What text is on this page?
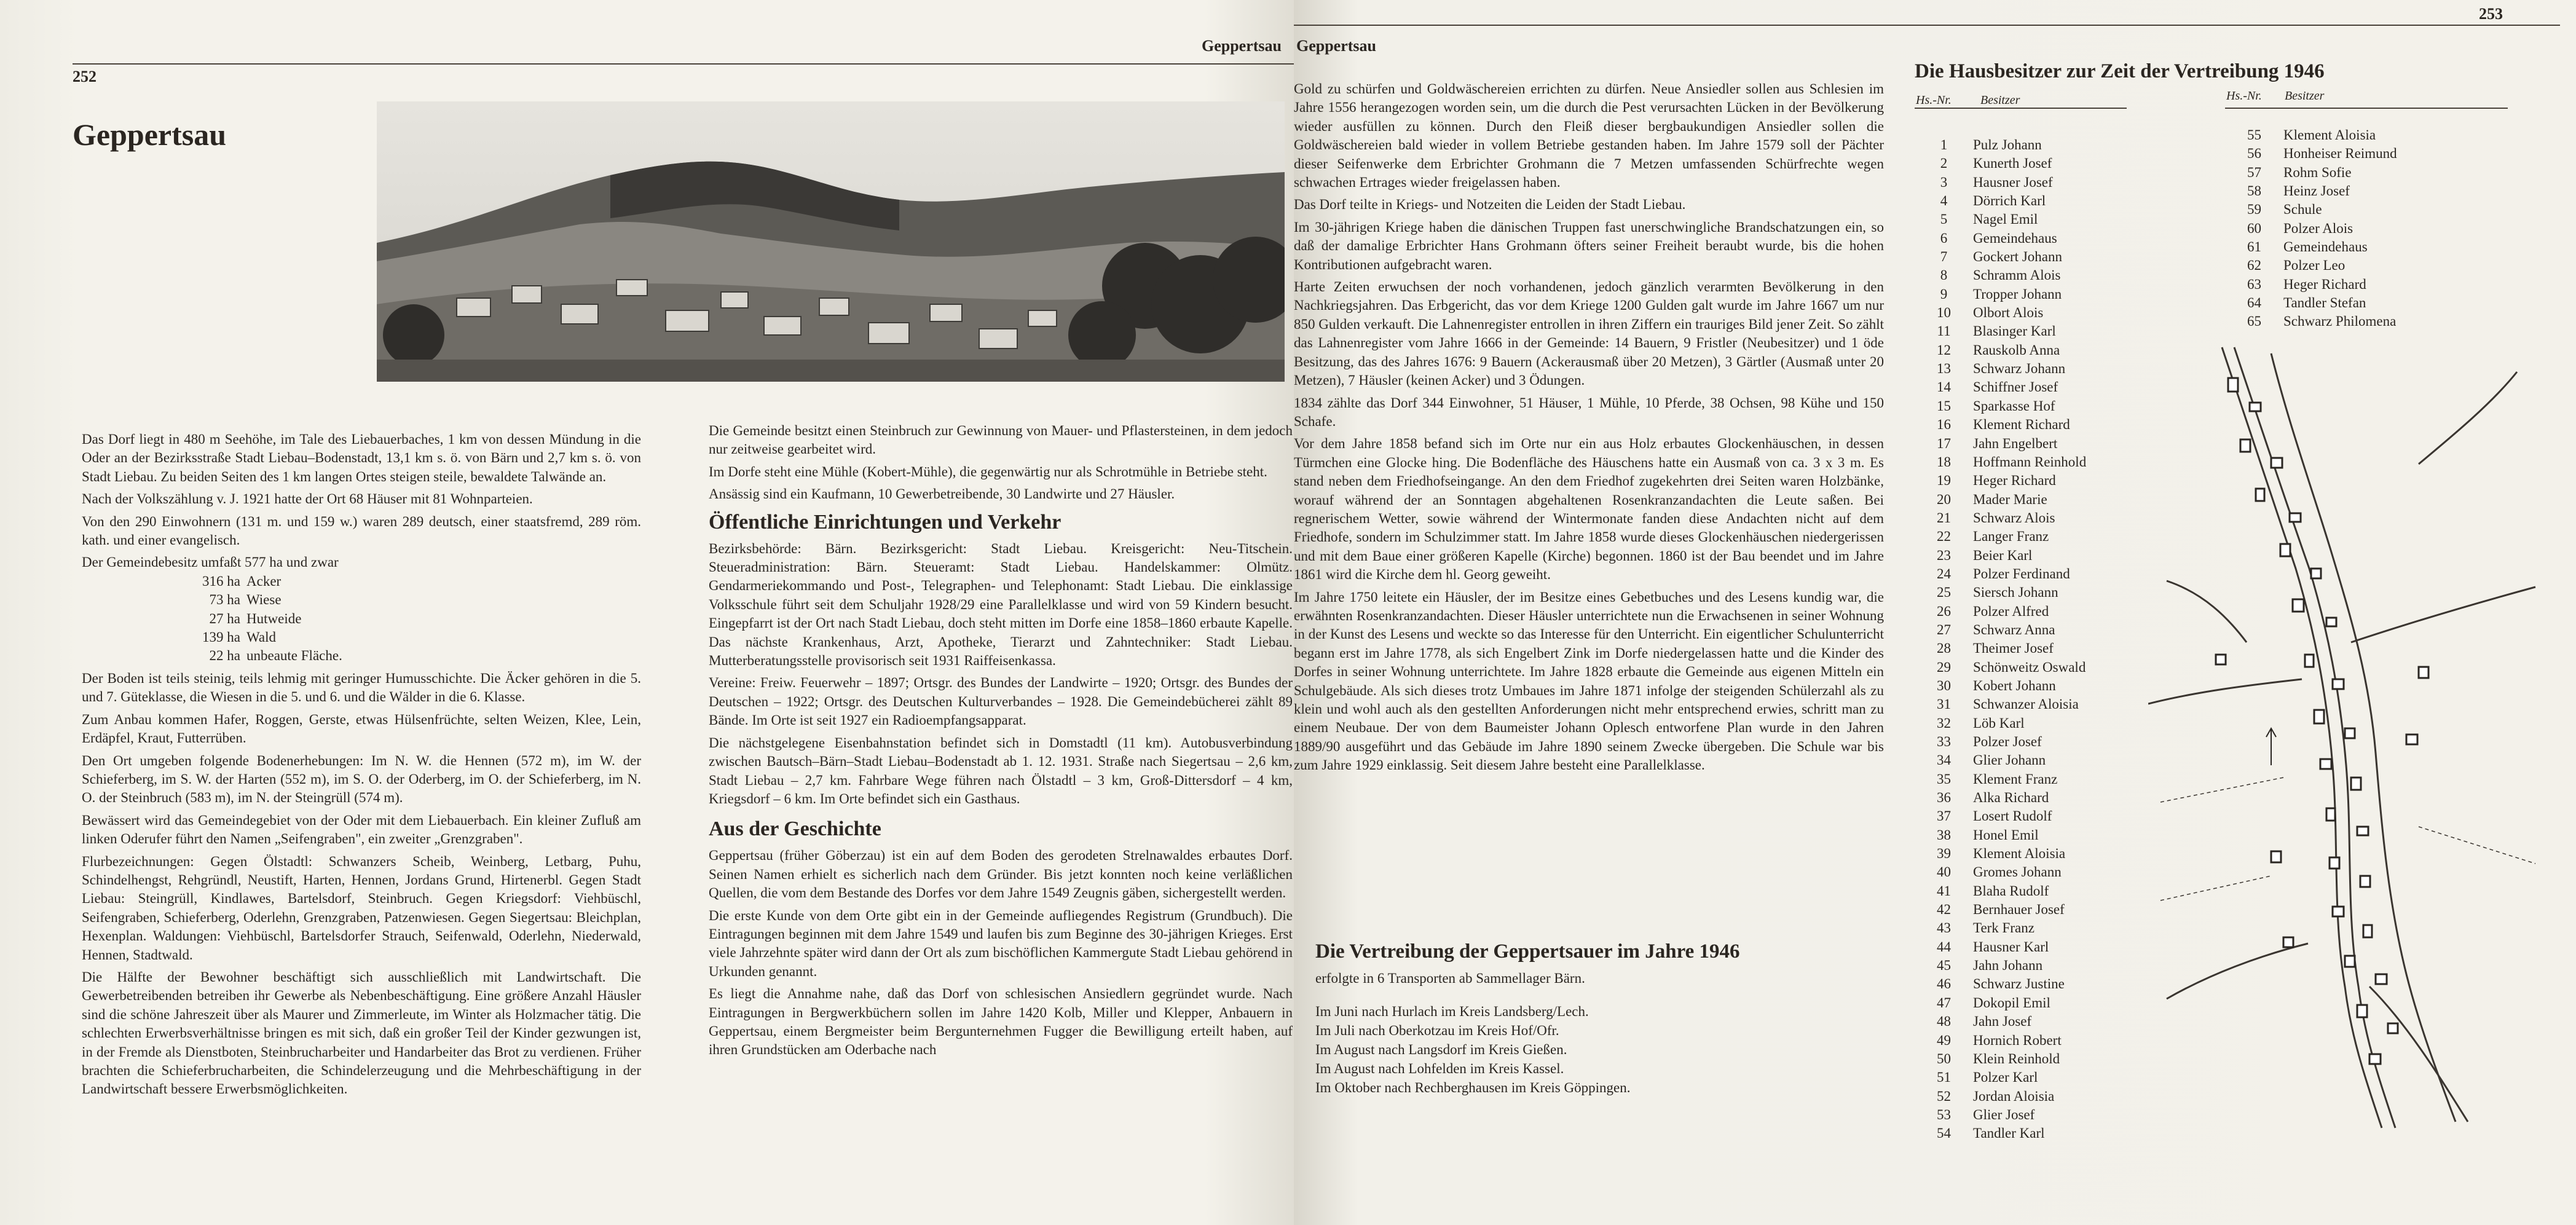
252
Geppertsau
Geppertsau

Das Dorf liegt in 480 m Seehöhe, im Tale des Liebauerbaches, 1 km von dessen Mündung in die Oder an der Bezirksstraße Stadt Liebau–Bodenstadt, 13,1 km s. ö. von Bärn und 2,7 km s. ö. von Stadt Liebau. Zu beiden Seiten des 1 km langen Ortes steigen steile, bewaldete Talwände an.

Nach der Volkszählung v. J. 1921 hatte der Ort 68 Häuser mit 81 Wohnparteien.

Von den 290 Einwohnern (131 m. und 159 w.) waren 289 deutsch, einer staatsfremd, 289 röm. kath. und einer evangelisch.

Der Gemeindebesitz umfaßt 577 ha und zwar

316 ha Acker
73 ha Wiese
27 ha Hutweide
139 ha Wald
22 ha unbeaute Fläche.

Der Boden ist teils steinig, teils lehmig mit geringer Humusschichte. Die Äcker gehören in die 5. und 7. Güteklasse, die Wiesen in die 5. und 6. und die Wälder in die 6. Klasse.

Zum Anbau kommen Hafer, Roggen, Gerste, etwas Hülsenfrüchte, selten Weizen, Klee, Lein, Erdäpfel, Kraut, Futterrüben.

Den Ort umgeben folgende Bodenerhebungen: Im N. W. die Hennen (572 m), im W. der Schieferberg, im S. W. der Harten (552 m), im S. O. der Oderberg, im O. der Schieferberg, im N. O. der Steinbruch (583 m), im N. der Steingrüll (574 m).

Bewässert wird das Gemeindegebiet von der Oder mit dem Liebauerbach. Ein kleiner Zufluß am linken Oderufer führt den Namen „Seifengraben", ein zweiter „Grenzgraben".

Flurbezeichnungen: Gegen Ölstadtl: Schwanzers Scheib, Weinberg, Letbarg, Puhu, Schindelhengst, Rehgründl, Neustift, Harten, Hennen, Jordans Grund, Hirtenerbl. Gegen Stadt Liebau: Steingrüll, Kindlawes, Bartelsdorf, Steinbruch. Gegen Kriegsdorf: Viehbüschl, Seifengraben, Schieferberg, Oderlehn, Grenzgraben, Patzenwiesen. Gegen Siegertsau: Bleichplan, Hexenplan. Waldungen: Viehbüschl, Bartelsdorfer Strauch, Seifenwald, Oderlehn, Niederwald, Hennen, Stadtwald.

Die Hälfte der Bewohner beschäftigt sich ausschließlich mit Landwirtschaft. Die Gewerbetreibenden betreiben ihr Gewerbe als Nebenbeschäftigung. Eine größere Anzahl Häusler sind die schöne Jahreszeit über als Maurer und Zimmerleute, im Winter als Holzmacher tätig. Die schlechten Erwerbsverhältnisse bringen es mit sich, daß ein großer Teil der Kinder gezwungen ist, in der Fremde als Dienstboten, Steinbrucharbeiter und Handarbeiter das Brot zu verdienen. Früher brachten die Schieferbrucharbeiten, die Schindelerzeugung und die Mehrbeschäftigung in der Landwirtschaft bessere Erwerbsmöglichkeiten.

Die Gemeinde besitzt einen Steinbruch zur Gewinnung von Mauer- und Pflastersteinen, in dem jedoch nur zeitweise gearbeitet wird.

Im Dorfe steht eine Mühle (Kobert-Mühle), die gegenwärtig nur als Schrotmühle in Betriebe steht.

Ansässig sind ein Kaufmann, 10 Gewerbetreibende, 30 Landwirte und 27 Häusler.

Öffentliche Einrichtungen und Verkehr

Bezirksbehörde: Bärn. Bezirksgericht: Stadt Liebau. Kreisgericht: Neu-Titschein. Steueradministration: Bärn. Steueramt: Stadt Liebau. Handelskammer: Olmütz. Gendarmeriekommando und Post-, Telegraphen- und Telephonamt: Stadt Liebau. Die einklassige Volksschule führt seit dem Schuljahr 1928/29 eine Parallelklasse und wird von 59 Kindern besucht. Eingepfarrt ist der Ort nach Stadt Liebau, doch steht mitten im Dorfe eine 1858–1860 erbaute Kapelle. Das nächste Krankenhaus, Arzt, Apotheke, Tierarzt und Zahntechniker: Stadt Liebau. Mutterberatungsstelle provisorisch seit 1931 Raiffeisenkassa.

Vereine: Freiw. Feuerwehr – 1897; Ortsgr. des Bundes der Landwirte – 1920; Ortsgr. des Bundes der Deutschen – 1922; Ortsgr. des Deutschen Kulturverbandes – 1928. Die Gemeindebücherei zählt 89 Bände. Im Orte ist seit 1927 ein Radioempfangsapparat.

Die nächstgelegene Eisenbahnstation befindet sich in Domstadtl (11 km). Autobusverbindung zwischen Bautsch–Bärn–Stadt Liebau–Bodenstadt ab 1. 12. 1931. Straße nach Siegertsau – 2,6 km, Stadt Liebau – 2,7 km. Fahrbare Wege führen nach Ölstadtl – 3 km, Groß-Dittersdorf – 4 km, Kriegsdorf – 6 km. Im Orte befindet sich ein Gasthaus.

Aus der Geschichte

Geppertsau (früher Göberzau) ist ein auf dem Boden des gerodeten Strelnawaldes erbautes Dorf. Seinen Namen erhielt es sicherlich nach dem Gründer. Bis jetzt konnten noch keine verläßlichen Quellen, die vom dem Bestande des Dorfes vor dem Jahre 1549 Zeugnis gäben, sichergestellt werden.

Die erste Kunde von dem Orte gibt ein in der Gemeinde aufliegendes Registrum (Grundbuch). Die Eintragungen beginnen mit dem Jahre 1549 und laufen bis zum Beginne des 30-jährigen Krieges. Erst viele Jahrzehnte später wird dann der Ort als zum bischöflichen Kammergute Stadt Liebau gehörend in Urkunden genannt.

Es liegt die Annahme nahe, daß das Dorf von schlesischen Ansiedlern gegründet wurde. Nach Eintragungen in Bergwerkbüchern sollen im Jahre 1420 Kolb, Miller und Klepper, Anbauern in Geppertsau, einem Bergmeister beim Bergunternehmen Fugger die Bewilligung erteilt haben, auf ihren Grundstücken am Oderbache nach

Geppertsau
253

Gold zu schürfen und Goldwäschereien errichten zu dürfen. Neue Ansiedler sollen aus Schlesien im Jahre 1556 herangezogen worden sein, um die durch die Pest verursachten Lücken in der Bevölkerung wieder ausfüllen zu können. Durch den Fleiß dieser bergbaukundigen Ansiedler sollen die Goldwäschereien bald wieder in vollem Betriebe gestanden haben. Im Jahre 1579 soll der Pächter dieser Seifenwerke dem Erbrichter Grohmann die 7 Metzen umfassenden Schürfrechte wegen schwachen Ertrages wieder freigelassen haben.

Das Dorf teilte in Kriegs- und Notzeiten die Leiden der Stadt Liebau.

Im 30-jährigen Kriege haben die dänischen Truppen fast unerschwingliche Brandschatzungen ein, so daß der damalige Erbrichter Hans Grohmann öfters seiner Freiheit beraubt wurde, bis die hohen Kontributionen aufgebracht waren.

Harte Zeiten erwuchsen der noch vorhandenen, jedoch gänzlich verarmten Bevölkerung in den Nachkriegsjahren. Das Erbgericht, das vor dem Kriege 1200 Gulden galt wurde im Jahre 1667 um nur 850 Gulden verkauft. Die Lahnenregister entrollen in ihren Ziffern ein trauriges Bild jener Zeit. So zählt das Lahnenregister vom Jahre 1666 in der Gemeinde: 14 Bauern, 9 Fristler (Neubesitzer) und 1 öde Besitzung, das des Jahres 1676: 9 Bauern (Ackerausmaß über 20 Metzen), 3 Gärtler (Ausmaß unter 20 Metzen), 7 Häusler (keinen Acker) und 3 Ödungen.

1834 zählte das Dorf 344 Einwohner, 51 Häuser, 1 Mühle, 10 Pferde, 38 Ochsen, 98 Kühe und 150 Schafe.

Vor dem Jahre 1858 befand sich im Orte nur ein aus Holz erbautes Glockenhäuschen, in dessen Türmchen eine Glocke hing. Die Bodenfläche des Häuschens hatte ein Ausmaß von ca. 3 x 3 m. Es stand neben dem Friedhofseingange. An den dem Friedhof zugekehrten drei Seiten waren Holzbänke, worauf während der an Sonntagen abgehaltenen Rosenkranzandachten die Leute saßen. Bei regnerischem Wetter, sowie während der Wintermonate fanden diese Andachten nicht auf dem Friedhofe, sondern im Schulzimmer statt. Im Jahre 1858 wurde dieses Glockenhäuschen niedergerissen und mit dem Baue einer größeren Kapelle (Kirche) begonnen. 1860 ist der Bau beendet und im Jahre 1861 wird die Kirche dem hl. Georg geweiht.

Im Jahre 1750 leitete ein Häusler, der im Besitze eines Gebetbuches und des Lesens kundig war, die erwähnten Rosenkranzandachten. Dieser Häusler unterrichtete nun die Erwachsenen in seiner Wohnung in der Kunst des Lesens und weckte so das Interesse für den Unterricht. Ein eigentlicher Schulunterricht begann erst im Jahre 1778, als sich Engelbert Zink im Dorfe niedergelassen hatte und die Kinder des Dorfes in seiner Wohnung unterrichtete. Im Jahre 1828 erbaute die Gemeinde aus eigenen Mitteln ein Schulgebäude. Als sich dieses trotz Umbaues im Jahre 1871 infolge der steigenden Schülerzahl als zu klein und wohl auch als den gestellten Anforderungen nicht mehr entsprechend erwies, schritt man zu einem Neubaue. Der von dem Baumeister Johann Oplesch entworfene Plan wurde in den Jahren 1889/90 ausgeführt und das Gebäude im Jahre 1890 seinem Zwecke übergeben. Die Schule war bis zum Jahre 1929 einklassig. Seit diesem Jahre besteht eine Parallelklasse.

Die Vertreibung der Geppertsauer im Jahre 1946
erfolgte in 6 Transporten ab Sammellager Bärn.
Im Juni nach Hurlach im Kreis Landsberg/Lech.
Im Juli nach Oberkotzau im Kreis Hof/Ofr.
Im August nach Langsdorf im Kreis Gießen.
Im August nach Lohfelden im Kreis Kassel.
Im Oktober nach Rechberghausen im Kreis Göppingen.
Die Hausbesitzer zur Zeit der Vertreibung 1946
Hs.-Nr. Besitzer	Hs.-Nr. Besitzer
1	Pulz Johann
2	Kunerth Josef
3	Hausner Josef
4	Dörrich Karl
5	Nagel Emil
6	Gemeindehaus
7	Gockert Johann
8	Schramm Alois
9	Tropper Johann
10	Olbort Alois
11	Blasinger Karl
12	Rauskolb Anna
13	Schwarz Johann
14	Schiffner Josef
15	Sparkasse Hof
16	Klement Richard
17	Jahn Engelbert
18	Hoffmann Reinhold
19	Heger Richard
20	Mader Marie
21	Schwarz Alois
22	Langer Franz
23	Beier Karl
24	Polzer Ferdinand
25	Siersch Johann
26	Polzer Alfred
27	Schwarz Anna
28	Theimer Josef
29	Schönweitz Oswald
30	Kobert Johann
31	Schwanzer Aloisia
32	Löb Karl
33	Polzer Josef
34	Glier Johann
35	Klement Franz
36	Alka Richard
37	Losert Rudolf
38	Honel Emil
39	Klement Aloisia
40	Gromes Johann
41	Blaha Rudolf
42	Bernhauer Josef
43	Terk Franz
44	Hausner Karl
45	Jahn Johann
46	Schwarz Justine
47	Dokopil Emil
48	Jahn Josef
49	Hornich Robert
50	Klein Reinhold
51	Polzer Karl
52	Jordan Aloisia
53	Glier Josef
54	Tandler Karl
55	Klement Aloisia
56	Honheiser Reimund
57	Rohm Sofie
58	Heinz Josef
59	Schule
60	Polzer Alois
61	Gemeindehaus
62	Polzer Leo
63	Heger Richard
64	Tandler Stefan
65	Schwarz Philomena
